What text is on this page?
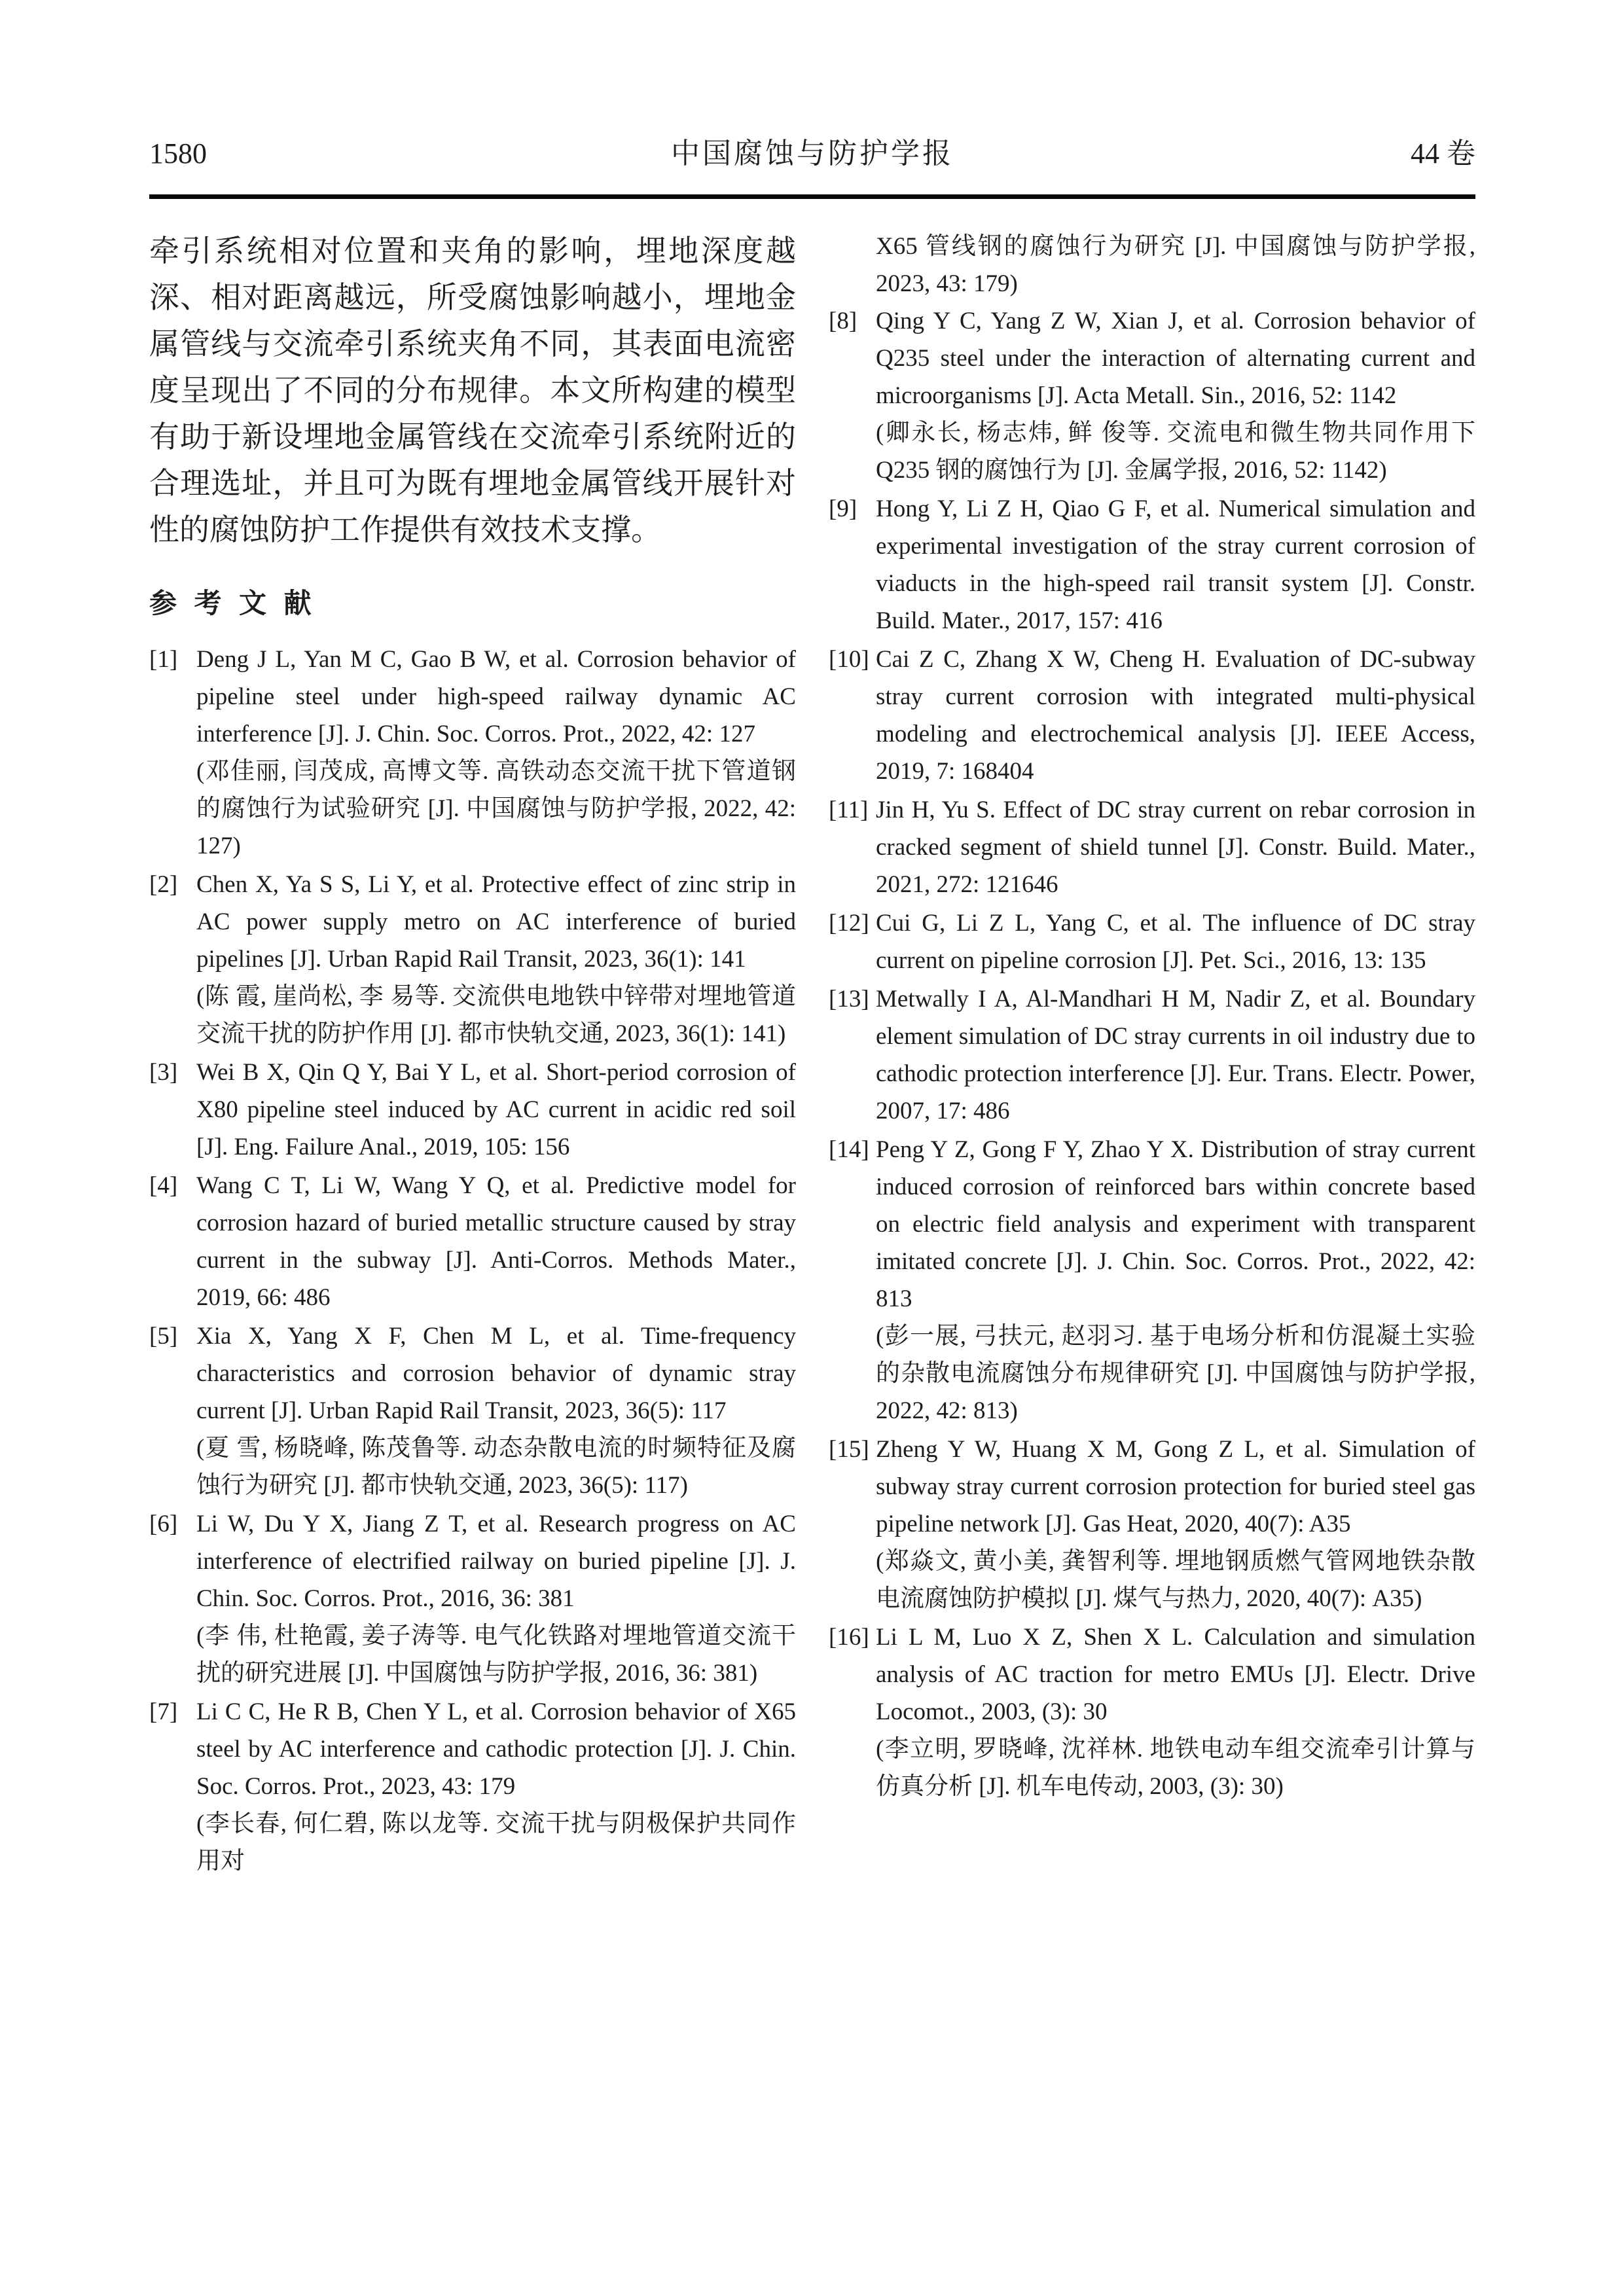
1580	中国腐蚀与防护学报	44 卷

牵引系统相对位置和夹角的影响，埋地深度越深、相对距离越远，所受腐蚀影响越小，埋地金属管线与交流牵引系统夹角不同，其表面电流密度呈现出了不同的分布规律。本文所构建的模型有助于新设埋地金属管线在交流牵引系统附近的合理选址，并且可为既有埋地金属管线开展针对性的腐蚀防护工作提供有效技术支撑。

参 考 文 献
[1] Deng J L, Yan M C, Gao B W, et al. Corrosion behavior of pipeline steel under high-speed railway dynamic AC interference [J]. J. Chin. Soc. Corros. Prot., 2022, 42: 127
(邓佳丽, 闫茂成, 高博文等. 高铁动态交流干扰下管道钢的腐蚀行为试验研究 [J]. 中国腐蚀与防护学报, 2022, 42: 127)
[2] Chen X, Ya S S, Li Y, et al. Protective effect of zinc strip in AC power supply metro on AC interference of buried pipelines [J]. Urban Rapid Rail Transit, 2023, 36(1): 141
(陈 霞, 崖尚松, 李 易等. 交流供电地铁中锌带对埋地管道交流干扰的防护作用 [J]. 都市快轨交通, 2023, 36(1): 141)
[3] Wei B X, Qin Q Y, Bai Y L, et al. Short-period corrosion of X80 pipeline steel induced by AC current in acidic red soil [J]. Eng. Failure Anal., 2019, 105: 156
[4] Wang C T, Li W, Wang Y Q, et al. Predictive model for corrosion hazard of buried metallic structure caused by stray current in the subway [J]. Anti-Corros. Methods Mater., 2019, 66: 486
[5] Xia X, Yang X F, Chen M L, et al. Time-frequency characteristics and corrosion behavior of dynamic stray current [J]. Urban Rapid Rail Transit, 2023, 36(5): 117
(夏 雪, 杨晓峰, 陈茂鲁等. 动态杂散电流的时频特征及腐蚀行为研究 [J]. 都市快轨交通, 2023, 36(5): 117)
[6] Li W, Du Y X, Jiang Z T, et al. Research progress on AC interference of electrified railway on buried pipeline [J]. J. Chin. Soc. Corros. Prot., 2016, 36: 381
(李 伟, 杜艳霞, 姜子涛等. 电气化铁路对埋地管道交流干扰的研究进展 [J]. 中国腐蚀与防护学报, 2016, 36: 381)
[7] Li C C, He R B, Chen Y L, et al. Corrosion behavior of X65 steel by AC interference and cathodic protection [J]. J. Chin. Soc. Corros. Prot., 2023, 43: 179
(李长春, 何仁碧, 陈以龙等. 交流干扰与阴极保护共同作用对
X65 管线钢的腐蚀行为研究 [J]. 中国腐蚀与防护学报, 2023, 43: 179)
[8] Qing Y C, Yang Z W, Xian J, et al. Corrosion behavior of Q235 steel under the interaction of alternating current and microorganisms [J]. Acta Metall. Sin., 2016, 52: 1142
(卿永长, 杨志炜, 鲜 俊等. 交流电和微生物共同作用下 Q235 钢的腐蚀行为 [J]. 金属学报, 2016, 52: 1142)
[9] Hong Y, Li Z H, Qiao G F, et al. Numerical simulation and experimental investigation of the stray current corrosion of viaducts in the high-speed rail transit system [J]. Constr. Build. Mater., 2017, 157: 416
[10] Cai Z C, Zhang X W, Cheng H. Evaluation of DC-subway stray current corrosion with integrated multi-physical modeling and electrochemical analysis [J]. IEEE Access, 2019, 7: 168404
[11] Jin H, Yu S. Effect of DC stray current on rebar corrosion in cracked segment of shield tunnel [J]. Constr. Build. Mater., 2021, 272: 121646
[12] Cui G, Li Z L, Yang C, et al. The influence of DC stray current on pipeline corrosion [J]. Pet. Sci., 2016, 13: 135
[13] Metwally I A, Al-Mandhari H M, Nadir Z, et al. Boundary element simulation of DC stray currents in oil industry due to cathodic protection interference [J]. Eur. Trans. Electr. Power, 2007, 17: 486
[14] Peng Y Z, Gong F Y, Zhao Y X. Distribution of stray current induced corrosion of reinforced bars within concrete based on electric field analysis and experiment with transparent imitated concrete [J]. J. Chin. Soc. Corros. Prot., 2022, 42: 813
(彭一展, 弓扶元, 赵羽习. 基于电场分析和仿混凝土实验的杂散电流腐蚀分布规律研究 [J]. 中国腐蚀与防护学报, 2022, 42: 813)
[15] Zheng Y W, Huang X M, Gong Z L, et al. Simulation of subway stray current corrosion protection for buried steel gas pipeline network [J]. Gas Heat, 2020, 40(7): A35
(郑焱文, 黄小美, 龚智利等. 埋地钢质燃气管网地铁杂散电流腐蚀防护模拟 [J]. 煤气与热力, 2020, 40(7): A35)
[16] Li L M, Luo X Z, Shen X L. Calculation and simulation analysis of AC traction for metro EMUs [J]. Electr. Drive Locomot., 2003, (3): 30
(李立明, 罗晓峰, 沈祥林. 地铁电动车组交流牵引计算与仿真分析 [J]. 机车电传动, 2003, (3): 30)
